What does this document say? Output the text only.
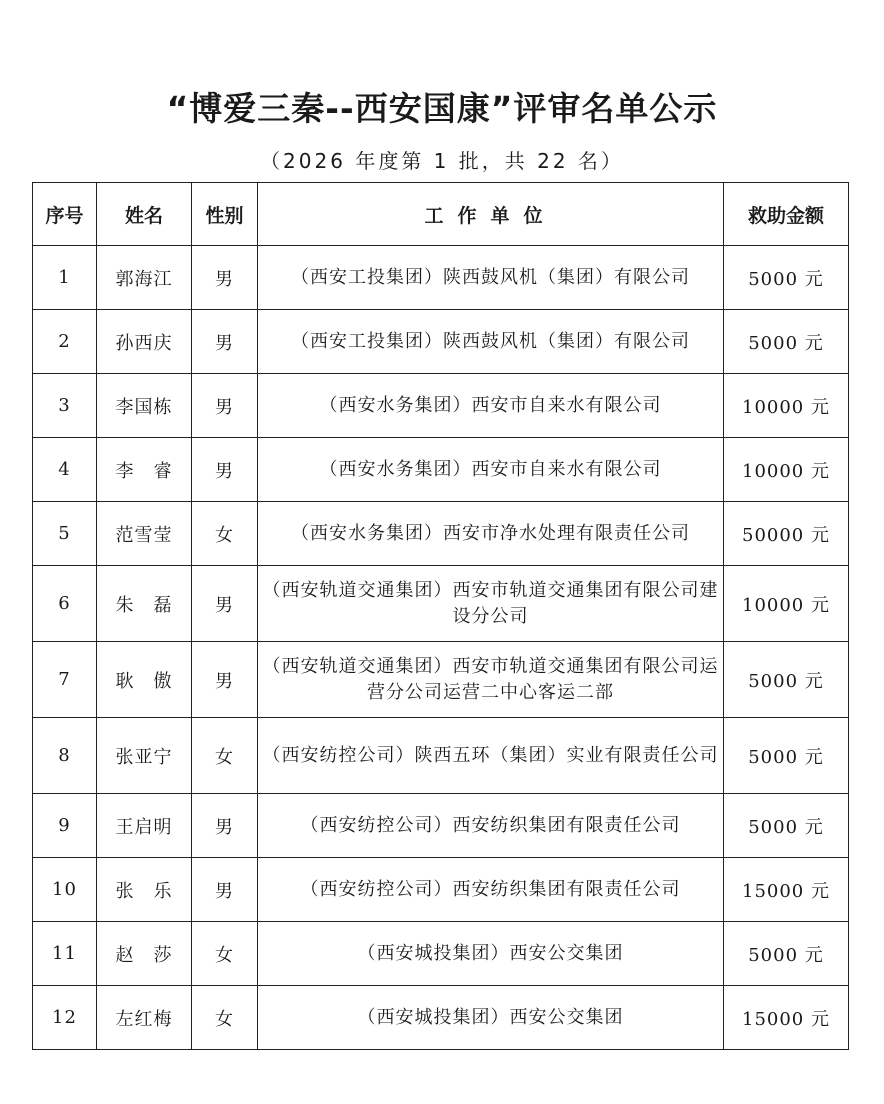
“博爱三秦--西安国康”评审名单公示
（2026 年度第 1 批，共 22 名）
序号	姓名	性别	工作单位	救助金额
1	郭海江	男	（西安工投集团）陕西鼓风机（集团）有限公司	5000 元
2	孙西庆	男	（西安工投集团）陕西鼓风机（集团）有限公司	5000 元
3	李国栋	男	（西安水务集团）西安市自来水有限公司	10000 元
4	李　睿	男	（西安水务集团）西安市自来水有限公司	10000 元
5	范雪莹	女	（西安水务集团）西安市净水处理有限责任公司	50000 元
6	朱　磊	男	（西安轨道交通集团）西安市轨道交通集团有限公司建设分公司	10000 元
7	耿　傲	男	（西安轨道交通集团）西安市轨道交通集团有限公司运营分公司运营二中心客运二部	5000 元
8	张亚宁	女	（西安纺控公司）陕西五环（集团）实业有限责任公司	5000 元
9	王启明	男	（西安纺控公司）西安纺织集团有限责任公司	5000 元
10	张　乐	男	（西安纺控公司）西安纺织集团有限责任公司	15000 元
11	赵　莎	女	（西安城投集团）西安公交集团	5000 元
12	左红梅	女	（西安城投集团）西安公交集团	15000 元
